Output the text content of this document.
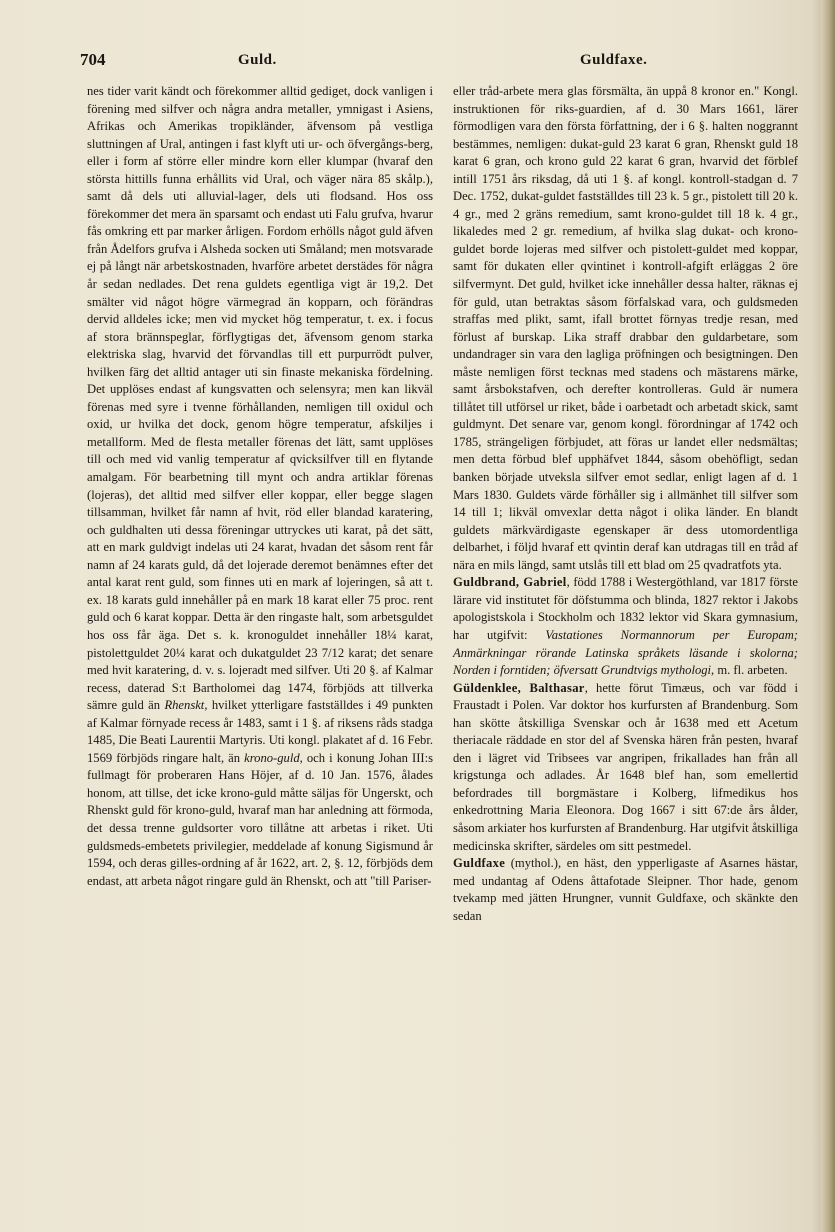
704	Guld.	Guldfaxe.

nes tider varit kändt och förekommer alltid gediget, dock vanligen i förening med silfver och några andra metaller, ymnigast i Asiens, Afrikas och Amerikas tropikländer, äfvensom på vestliga sluttningen af Ural, antingen i fast klyft uti ur- och öfvergångs-berg, eller i form af större eller mindre korn eller klumpar (hvaraf den största hittills funna erhållits vid Ural, och väger nära 85 skålp.), samt då dels uti alluvial-lager, dels uti flodsand. Hos oss förekommer det mera än sparsamt och endast uti Falu grufva, hvarur fås omkring ett par marker årligen. Fordom erhölls något guld äfven från Ådelfors grufva i Alsheda socken uti Småland; men motsvarade ej på långt när arbetskostnaden, hvarföre arbetet derstädes för några år sedan nedlades. Det rena guldets egentliga vigt är 19,2. Det smälter vid något högre värmegrad än kopparn, och förändras dervid alldeles icke; men vid mycket hög temperatur, t. ex. i focus af stora brännspeglar, förflygtigas det, äfvensom genom starka elektriska slag, hvarvid det förvandlas till ett purpurrödt pulver, hvilken färg det alltid antager uti sin finaste mekaniska fördelning. Det upplöses endast af kungsvatten och selensyra; men kan likväl förenas med syre i tvenne förhållanden, nemligen till oxidul och oxid, ur hvilka det dock, genom högre temperatur, afskiljes i metallform. Med de flesta metaller förenas det lätt, samt upplöses till och med vid vanlig temperatur af qvicksilfver till en flytande amalgam. För bearbetning till mynt och andra artiklar förenas (lojeras), det alltid med silfver eller koppar, eller begge slagen tillsamman, hvilket får namn af hvit, röd eller blandad karatering, och guldhalten uti dessa föreningar uttryckes uti karat, på det sätt, att en mark guldvigt indelas uti 24 karat, hvadan det såsom rent får namn af 24 karats guld, då det lojerade deremot benämnes efter det antal karat rent guld, som finnes uti en mark af lojeringen, så att t. ex. 18 karats guld innehåller på en mark 18 karat eller 75 proc. rent guld och 6 karat koppar. Detta är den ringaste halt, som arbetsguldet hos oss får äga. Det s. k. kronoguldet innehåller 18¼ karat, pistolettguldet 20¼ karat och dukatguldet 23 7/12 karat; det senare med hvit karatering, d. v. s. lojeradt med silfver. Uti 20 §. af Kalmar recess, daterad S:t Bartholomei dag 1474, förbjöds att tillverka sämre guld än Rhenskt, hvilket ytterligare fastställdes i 49 punkten af Kalmar förnyade recess år 1483, samt i 1 §. af riksens råds stadga 1485, Die Beati Laurentii Martyris. Uti kongl. plakatet af d. 16 Febr. 1569 förbjöds ringare halt, än krono-guld, och i konung Johan III:s fullmagt för proberaren Hans Höjer, af d. 10 Jan. 1576, ålades honom, att tillse, det icke krono-guld måtte säljas för Ungerskt, och Rhenskt guld för krono-guld, hvaraf man har anledning att förmoda, det dessa trenne guldsorter voro tillåtne att arbetas i riket. Uti guldsmeds-embetets privilegier, meddelade af konung Sigismund år 1594, och deras gilles-ordning af år 1622, art. 2, §. 12, förbjöds dem endast, att arbeta något ringare guld än Rhenskt, och att "till Pariser-

eller tråd-arbete mera glas försmälta, än uppå 8 kronor en." Kongl. instruktionen för riks-guardien, af d. 30 Mars 1661, lärer förmodligen vara den första författning, der i 6 §. halten noggrannt bestämmes, nemligen: dukat-guld 23 karat 6 gran, Rhenskt guld 18 karat 6 gran, och krono guld 22 karat 6 gran, hvarvid det förblef intill 1751 års riksdag, då uti 1 §. af kongl. kontroll-stadgan d. 7 Dec. 1752, dukat-guldet fastställdes till 23 k. 5 gr., pistolett till 20 k. 4 gr., med 2 gräns remedium, samt krono-guldet till 18 k. 4 gr., likaledes med 2 gr. remedium, af hvilka slag dukat- och krono-guldet borde lojeras med silfver och pistolett-guldet med koppar, samt för dukaten eller qvintinet i kontroll-afgift erläggas 2 öre silfvermynt. Det guld, hvilket icke innehåller dessa halter, räknas ej för guld, utan betraktas såsom förfalskad vara, och guldsmeden straffas med plikt, samt, ifall brottet förnyas tredje resan, med förlust af burskap. Lika straff drabbar den guldarbetare, som undandrager sin vara den lagliga pröfningen och besigtningen. Den måste nemligen först tecknas med stadens och mästarens märke, samt årsbokstafven, och derefter kontrolleras. Guld är numera tillåtet till utförsel ur riket, både i oarbetadt och arbetadt skick, samt guldmynt. Det senare var, genom kongl. förordningar af 1742 och 1785, strängeligen förbjudet, att föras ur landet eller nedsmältas; men detta förbud blef upphäfvet 1844, såsom obehöfligt, sedan banken började utveksla silfver emot sedlar, enligt lagen af d. 1 Mars 1830. Guldets värde förhåller sig i allmänhet till silfver som 14 till 1; likväl omvexlar detta något i olika länder. En blandt guldets märkvärdigaste egenskaper är dess utomordentliga delbarhet, i följd hvaraf ett qvintin deraf kan utdragas till en tråd af nära en mils längd, samt utslås till ett blad om 25 qvadratfots yta.

Guldbrand, Gabriel, född 1788 i Westergöthland, var 1817 förste lärare vid institutet för döfstumma och blinda, 1827 rektor i Jakobs apologistskola i Stockholm och 1832 lektor vid Skara gymnasium, har utgifvit: Vastationes Normannorum per Europam; Anmärkningar rörande Latinska språkets läsande i skolorna; Norden i forntiden; öfversatt Grundtvigs mythologi, m. fl. arbeten.

Güldenklee, Balthasar, hette förut Timæus, och var född i Fraustadt i Polen. Var doktor hos kurfursten af Brandenburg. Som han skötte åtskilliga Svenskar och år 1638 med ett Acetum theriacale räddade en stor del af Svenska hären från pesten, hvaraf den i lägret vid Tribsees var angripen, frikallades han från all krigstunga och adlades. År 1648 blef han, som emellertid befordrades till borgmästare i Kolberg, lifmedikus hos enkedrottning Maria Eleonora. Dog 1667 i sitt 67:de års ålder, såsom arkiater hos kurfursten af Brandenburg. Har utgifvit åtskilliga medicinska skrifter, särdeles om sitt pestmedel.

Guldfaxe (mythol.), en häst, den ypperligaste af Asarnes hästar, med undantag af Odens åttafotade Sleipner. Thor hade, genom tvekamp med jätten Hrungner, vunnit Guldfaxe, och skänkte den sedan
